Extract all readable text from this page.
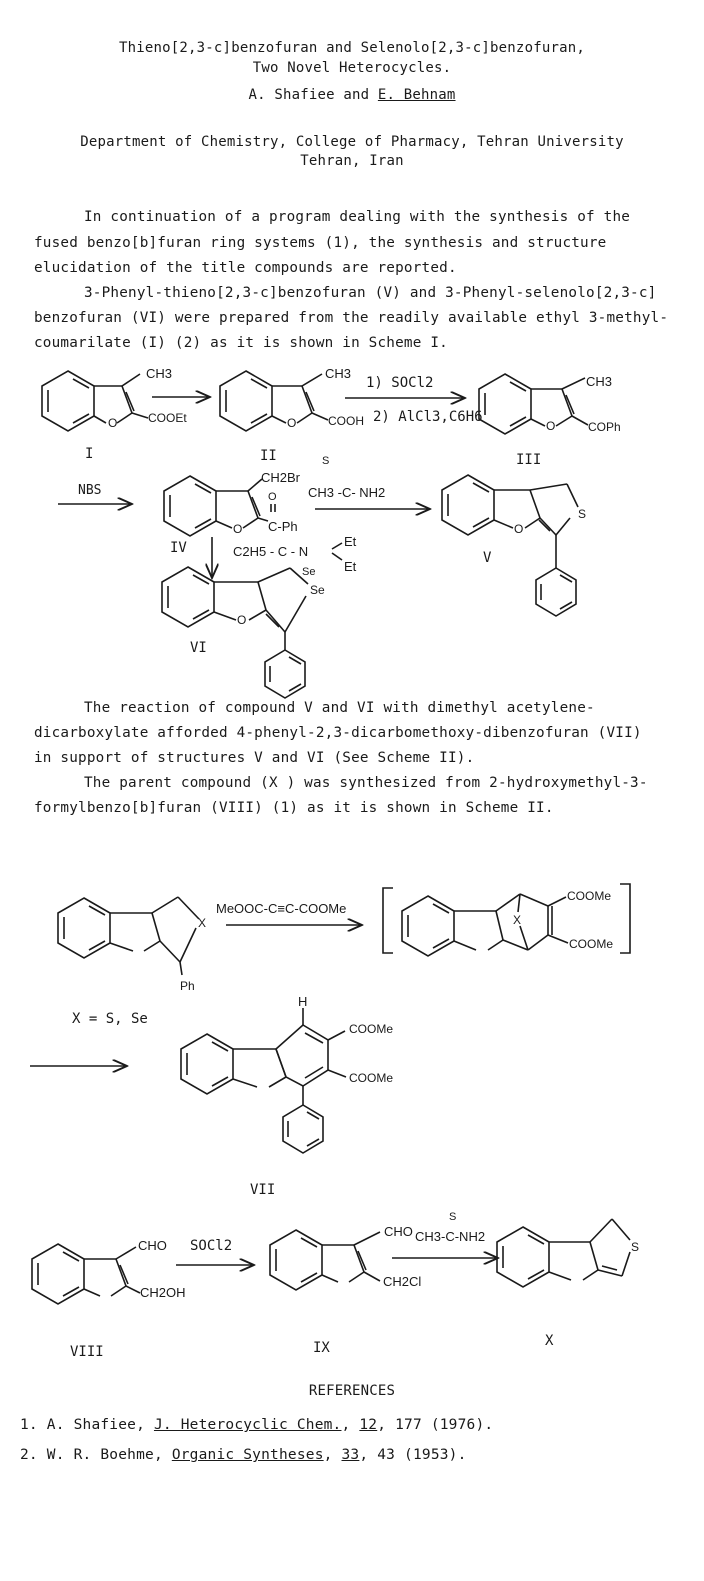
Thieno[2,3-c]benzofuran and Selenolo[2,3-c]benzofuran,
Two Novel Heterocycles.
A. Shafiee and E. Behnam
Department of Chemistry, College of Pharmacy, Tehran University
Tehran, Iran
In continuation of a program dealing with the synthesis of the
fused benzo[b]furan ring systems (1), the synthesis and structure
elucidation of the title compounds are reported.
3-Phenyl-thieno[2,3-c]benzofuran (V) and 3-Phenyl-selenolo[2,3-c]
benzofuran (VI) were prepared from the readily available ethyl 3-methyl-
coumarilate (I) (2) as it is shown in Scheme I.
The reaction of compound V and VI with dimethyl acetylene-
dicarboxylate afforded 4-phenyl-2,3-dicarbomethoxy-dibenzofuran (VII)
in support of structures V and VI (See Scheme II).
The parent compound (X ) was synthesized from 2-hydroxymethyl-3-
formylbenzo[b]furan (VIII) (1) as it is shown in Scheme II.
CH3
O	COOEt
CH3
O	COOH
1) SOCl2
2) AlCl3,C6H6
CH3
O	COPh
I	II	III
NBS
CH2Br
O
C-Ph
O
IV
S
CH3 -C- NH2
S
O
V
C2H5 - C - N
Et
Et
Se
Se
O
VI
X
Ph
MeOOC-C≡C-COOMe
X
COOMe
COOMe
X = S, Se
H
COOMe
COOMe
VII
CHO
CH2OH
SOCl2
VIII
CHO
CH2Cl
S
CH3-C-NH2
IX
S
X
REFERENCES
1. A. Shafiee, J. Heterocyclic Chem., 12, 177 (1976).
2. W. R. Boehme, Organic Syntheses, 33, 43 (1953).
